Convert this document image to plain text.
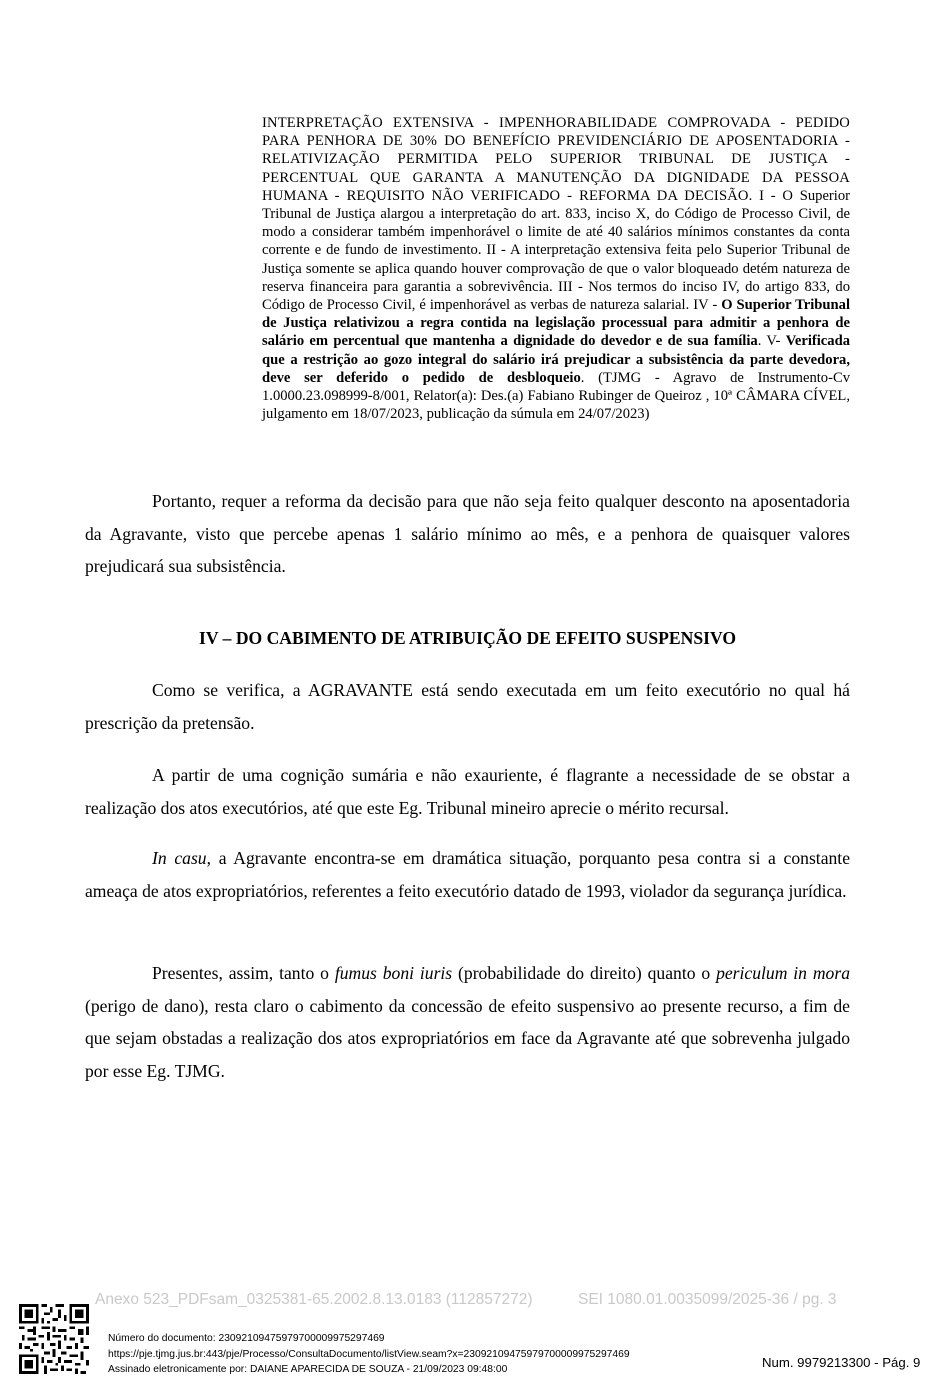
INTERPRETAÇÃO EXTENSIVA - IMPENHORABILIDADE COMPROVADA - PEDIDO PARA PENHORA DE 30% DO BENEFÍCIO PREVIDENCIÁRIO DE APOSENTADORIA - RELATIVIZAÇÃO PERMITIDA PELO SUPERIOR TRIBUNAL DE JUSTIÇA - PERCENTUAL QUE GARANTA A MANUTENÇÃO DA DIGNIDADE DA PESSOA HUMANA - REQUISITO NÃO VERIFICADO - REFORMA DA DECISÃO. I - O Superior Tribunal de Justiça alargou a interpretação do art. 833, inciso X, do Código de Processo Civil, de modo a considerar também impenhorável o limite de até 40 salários mínimos constantes da conta corrente e de fundo de investimento. II - A interpretação extensiva feita pelo Superior Tribunal de Justiça somente se aplica quando houver comprovação de que o valor bloqueado detém natureza de reserva financeira para garantia a sobrevivência. III - Nos termos do inciso IV, do artigo 833, do Código de Processo Civil, é impenhorável as verbas de natureza salarial. IV - O Superior Tribunal de Justiça relativizou a regra contida na legislação processual para admitir a penhora de salário em percentual que mantenha a dignidade do devedor e de sua família. V- Verificada que a restrição ao gozo integral do salário irá prejudicar a subsistência da parte devedora, deve ser deferido o pedido de desbloqueio. (TJMG - Agravo de Instrumento-Cv 1.0000.23.098999-8/001, Relator(a): Des.(a) Fabiano Rubinger de Queiroz , 10ª CÂMARA CÍVEL, julgamento em 18/07/2023, publicação da súmula em 24/07/2023)

Portanto, requer a reforma da decisão para que não seja feito qualquer desconto na aposentadoria da Agravante, visto que percebe apenas 1 salário mínimo ao mês, e a penhora de quaisquer valores prejudicará sua subsistência.

IV – DO CABIMENTO DE ATRIBUIÇÃO DE EFEITO SUSPENSIVO

Como se verifica, a AGRAVANTE está sendo executada em um feito executório no qual há prescrição da pretensão.

A partir de uma cognição sumária e não exauriente, é flagrante a necessidade de se obstar a realização dos atos executórios, até que este Eg. Tribunal mineiro aprecie o mérito recursal.

In casu, a Agravante encontra-se em dramática situação, porquanto pesa contra si a constante ameaça de atos expropriatórios, referentes a feito executório datado de 1993, violador da segurança jurídica.

Presentes, assim, tanto o fumus boni iuris (probabilidade do direito) quanto o periculum in mora (perigo de dano), resta claro o cabimento da concessão de efeito suspensivo ao presente recurso, a fim de que sejam obstadas a realização dos atos expropriatórios em face da Agravante até que sobrevenha julgado por esse Eg. TJMG.

Anexo 523_PDFsam_0325381-65.2002.8.13.0183 (112857272)	SEI 1080.01.0035099/2025-36 / pg. 3
Número do documento: 23092109475979700009975297469
https://pje.tjmg.jus.br:443/pje/Processo/ConsultaDocumento/listView.seam?x=23092109475979700009975297469
Assinado eletronicamente por: DAIANE APARECIDA DE SOUZA - 21/09/2023 09:48:00	Num. 9979213300 - Pág. 9
